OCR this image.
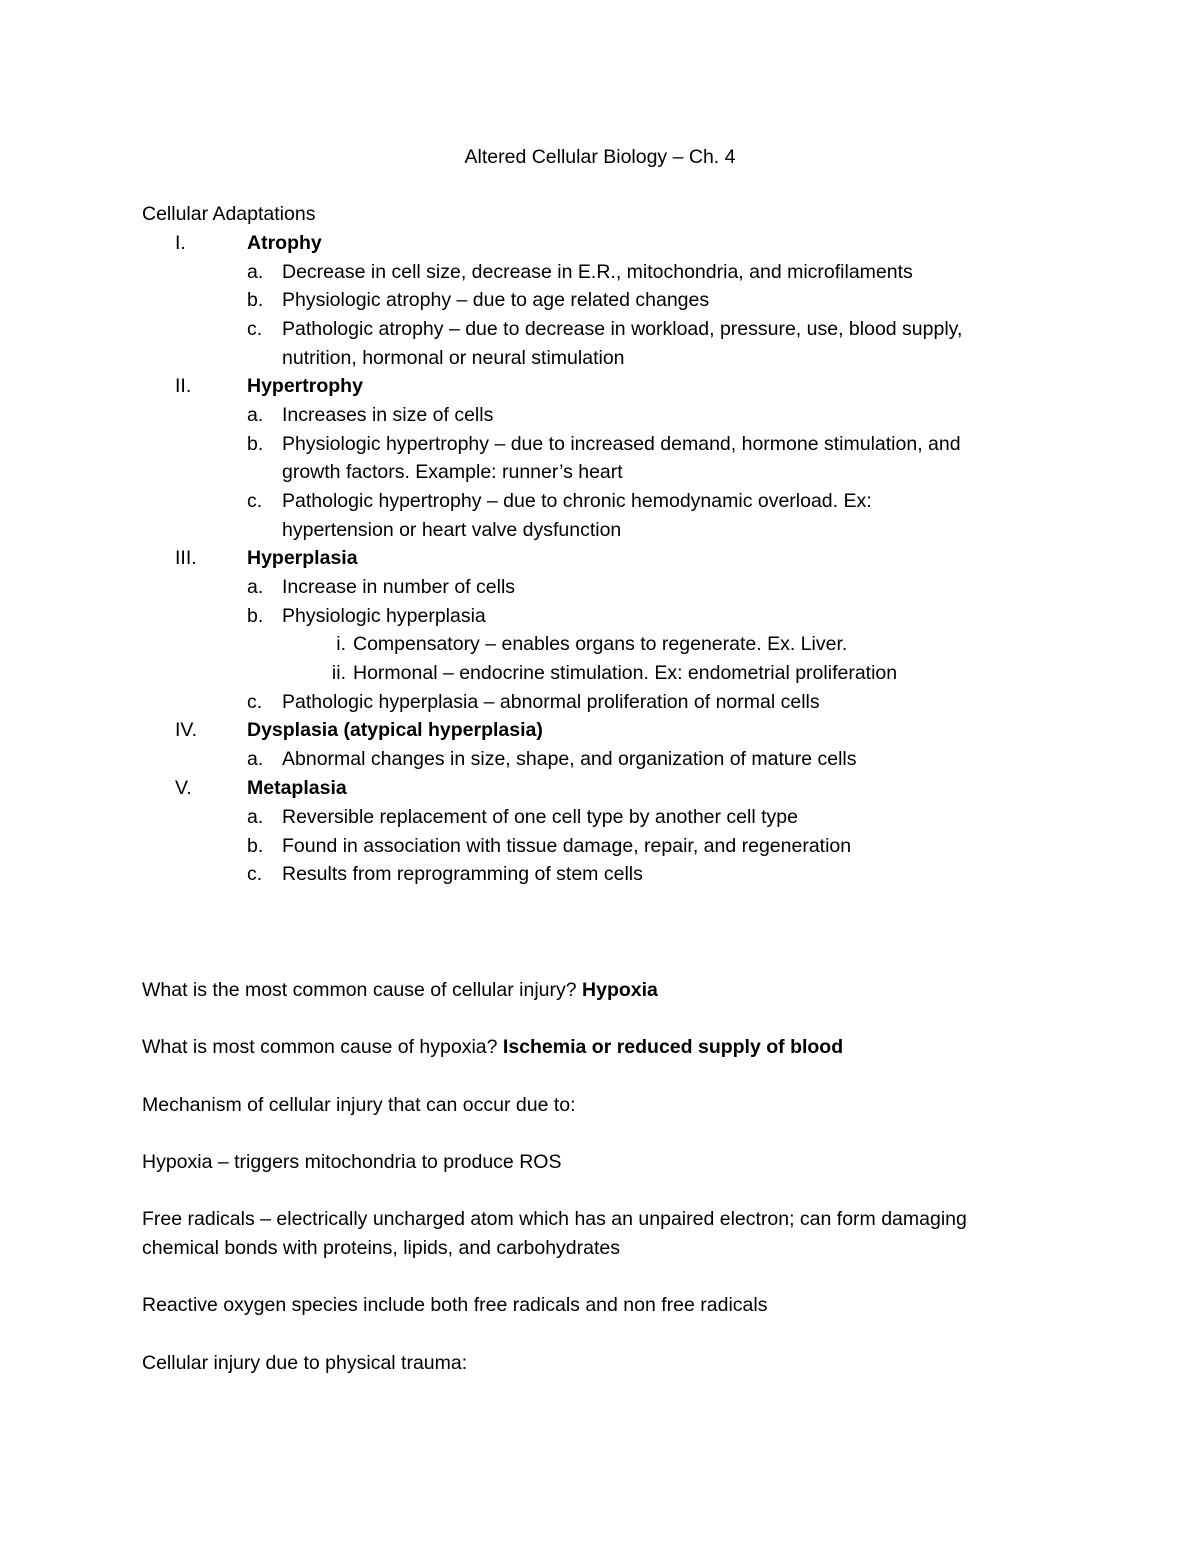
Altered Cellular Biology – Ch. 4
Cellular Adaptations
I.	Atrophy
a. Decrease in cell size, decrease in E.R., mitochondria, and microfilaments
b. Physiologic atrophy – due to age related changes
c.	Pathologic atrophy – due to decrease in workload, pressure, use, blood supply,
nutrition, hormonal or neural stimulation
II.	Hypertrophy
a. Increases in size of cells
b. Physiologic hypertrophy – due to increased demand, hormone stimulation, and
growth factors. Example: runner’s heart
c.	Pathologic hypertrophy – due to chronic hemodynamic overload. Ex:
hypertension or heart valve dysfunction
III.	Hyperplasia
a. Increase in number of cells
b. Physiologic hyperplasia
i. Compensatory – enables organs to regenerate. Ex. Liver.
ii. Hormonal – endocrine stimulation. Ex: endometrial proliferation
c.	Pathologic hyperplasia – abnormal proliferation of normal cells
IV.	Dysplasia (atypical hyperplasia)
a. Abnormal changes in size, shape, and organization of mature cells
V.	Metaplasia
a. Reversible replacement of one cell type by another cell type
b. Found in association with tissue damage, repair, and regeneration
c.	Results from reprogramming of stem cells
What is the most common cause of cellular injury? Hypoxia
What is most common cause of hypoxia? Ischemia or reduced supply of blood
Mechanism of cellular injury that can occur due to:
Hypoxia – triggers mitochondria to produce ROS
Free radicals – electrically uncharged atom which has an unpaired electron; can form damaging
chemical bonds with proteins, lipids, and carbohydrates
Reactive oxygen species include both free radicals and non free radicals
Cellular injury due to physical trauma:
